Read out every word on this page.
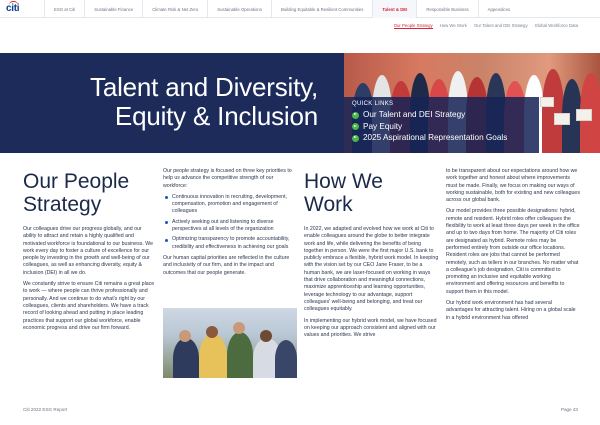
citi	ESG at Citi	Sustainable Finance	Climate Risk & Net Zero	Sustainable Operations	Building Equitable & Resilient Communities	Talent & DEI	Responsible Business	Appendices
Our People Strategy How We Work Our Talent and DEI Strategy Global Workforce Data
Talent and Diversity,
Equity & Inclusion	QUICK LINKS
Our Talent and DEI Strategy
Pay Equity
2025 Aspirational Representation Goals
Our People
Strategy

Our colleagues drive our progress globally, and our ability to attract and retain a highly qualified and motivated workforce is foundational to our business. We work every day to foster a culture of excellence for our people by investing in the growth and well-being of our colleagues, as well as enhancing diversity, equity & inclusion (DEI) in all we do.

We constantly strive to ensure Citi remains a great place to work — where people can thrive professionally and personally. And we continue to do what's right by our colleagues, clients and shareholders. We have a track record of looking ahead and putting in place leading practices that support our global workforce, enable economic progress and drive our firm forward.

Our people strategy is focused on three key priorities to help us advance the competitive strength of our workforce:

Continuous innovation in recruiting, development, compensation, promotion and engagement of colleagues
Actively seeking out and listening to diverse perspectives at all levels of the organization
Optimizing transparency to promote accountability, credibility and effectiveness in achieving our goals

Our human capital priorities are reflected in the culture and inclusivity of our firm, and in the impact and outcomes that our people generate.

How We
Work

In 2022, we adapted and evolved how we work at Citi to enable colleagues around the globe to better integrate work and life, while delivering the benefits of being together in person. We were the first major U.S. bank to publicly embrace a flexible, hybrid work model. In keeping with the vision set by our CEO Jane Fraser, to be a human bank, we are laser-focused on working in ways that drive collaboration and meaningful connections, maximize apprenticeship and learning opportunities, leverage technology to our advantage, support colleagues' well-being and belonging, and treat our colleagues equitably.

In implementing our hybrid work model, we have focused on keeping our approach consistent and aligned with our values and priorities. We strive

to be transparent about our expectations around how we work together and honest about where improvements must be made. Finally, we focus on making our ways of working sustainable, both for existing and new colleagues across our global bank.

Our model provides three possible designations: hybrid, remote and resident. Hybrid roles offer colleagues the flexibility to work at least three days per week in the office and up to two days from home. The majority of Citi roles are designated as hybrid. Remote roles may be performed entirely from outside our office locations. Resident roles are jobs that cannot be performed remotely, such as tellers in our branches. No matter what a colleague's job designation, Citi is committed to promoting an inclusive and equitable working environment and offering resources and benefits to support them in this model.

Our hybrid work environment has had several advantages for attracting talent. Hiring on a global scale in a hybrid environment has offered

Citi 2022 ESG Report	Page 43
